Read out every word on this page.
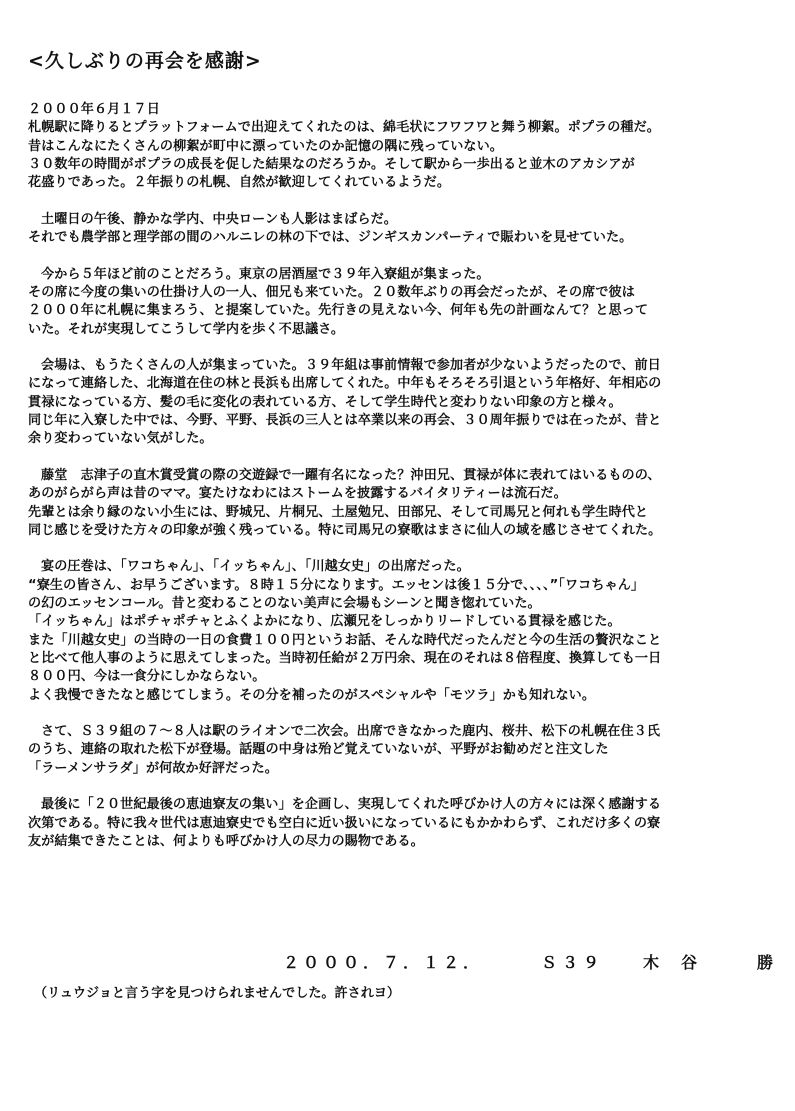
<久しぶりの再会を感謝>
２０００年６月１７日
札幌駅に降りるとプラットフォームで出迎えてくれたのは、綿毛状にフワフワと舞う柳絮。ポプラの種だ。
昔はこんなにたくさんの柳絮が町中に漂っていたのか記憶の隅に残っていない。
３０数年の時間がポプラの成長を促した結果なのだろうか。そして駅から一歩出ると並木のアカシアが
花盛りであった。２年振りの札幌、自然が歓迎してくれているようだ。
土曜日の午後、静かな学内、中央ローンも人影はまばらだ。
それでも農学部と理学部の間のハルニレの林の下では、ジンギスカンパーティで賑わいを見せていた。
今から５年ほど前のことだろう。東京の居酒屋で３９年入寮組が集まった。
その席に今度の集いの仕掛け人の一人、佃兄も来ていた。２０数年ぶりの再会だったが、その席で彼は
２０００年に札幌に集まろう、と提案していた。先行きの見えない今、何年も先の計画なんて？と思って
いた。それが実現してこうして学内を歩く不思議さ。
会場は、もうたくさんの人が集まっていた。３９年組は事前情報で参加者が少ないようだったので、前日
になって連絡した、北海道在住の林と長浜も出席してくれた。中年もそろそろ引退という年格好、年相応の
貫禄になっている方、髪の毛に変化の表れている方、そして学生時代と変わりない印象の方と様々。
同じ年に入寮した中では、今野、平野、長浜の三人とは卒業以来の再会、３０周年振りでは在ったが、昔と
余り変わっていない気がした。
藤堂　志津子の直木賞受賞の際の交遊録で一躍有名になった？沖田兄、貫禄が体に表れてはいるものの、
あのがらがら声は昔のママ。宴たけなわにはストームを披露するバイタリティーは流石だ。
先輩とは余り縁のない小生には、野城兄、片桐兄、土屋勉兄、田部兄、そして司馬兄と何れも学生時代と
同じ感じを受けた方々の印象が強く残っている。特に司馬兄の寮歌はまさに仙人の域を感じさせてくれた。
宴の圧巻は、「ワコちゃん」、「イッちゃん」、「川越女史」の出席だった。
“寮生の皆さん、お早うございます。８時１５分になります。エッセンは後１５分で、、、、”「ワコちゃん」
の幻のエッセンコール。昔と変わることのない美声に会場もシーンと聞き惚れていた。
「イッちゃん」はポチャポチャとふくよかになり、広瀬兄をしっかりリードしている貫禄を感じた。
また「川越女史」の当時の一日の食費１００円というお話、そんな時代だったんだと今の生活の贅沢なこと
と比べて他人事のように思えてしまった。当時初任給が２万円余、現在のそれは８倍程度、換算しても一日
８００円、今は一食分にしかならない。
よく我慢できたなと感じてしまう。その分を補ったのがスペシャルや「モツラ」かも知れない。
さて、Ｓ３９組の７～８人は駅のライオンで二次会。出席できなかった鹿内、桜井、松下の札幌在住３氏
のうち、連絡の取れた松下が登場。話題の中身は殆ど覚えていないが、平野がお勧めだと注文した
「ラーメンサラダ」が何故か好評だった。
最後に「２０世紀最後の恵迪寮友の集い」を企画し、実現してくれた呼びかけ人の方々には深く感謝する
次第である。特に我々世代は恵迪寮史でも空白に近い扱いになっているにもかかわらず、これだけ多くの寮
友が結集できたことは、何よりも呼びかけ人の尽力の賜物である。
２０００．７．１２．	Ｓ３９ 木谷　勝
（リュウジョと言う字を見つけられませんでした。許されヨ）
